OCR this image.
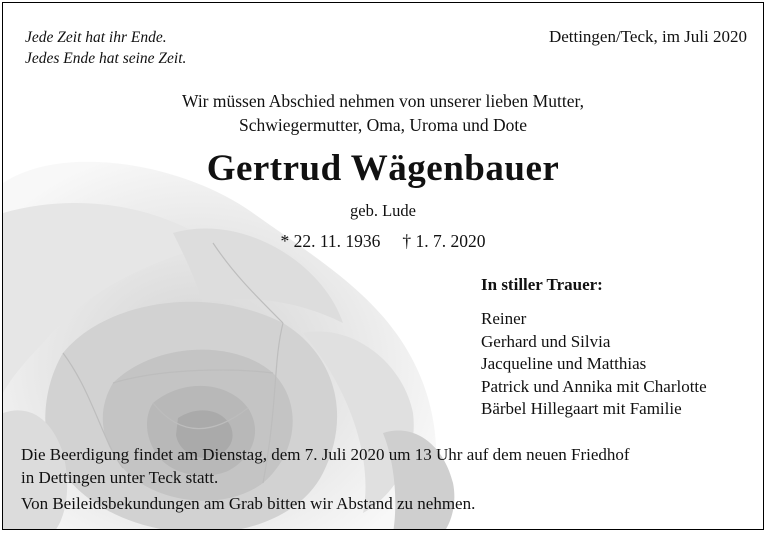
Jede Zeit hat ihr Ende.
Jedes Ende hat seine Zeit.
Dettingen/Teck, im Juli 2020
Wir müssen Abschied nehmen von unserer lieben Mutter,
Schwiegermutter, Oma, Uroma und Dote
Gertrud Wägenbauer
geb. Lude
* 22. 11. 1936 † 1. 7. 2020
In stiller Trauer:
Reiner
Gerhard und Silvia
Jacqueline und Matthias
Patrick und Annika mit Charlotte
Bärbel Hillegaart mit Familie
Die Beerdigung findet am Dienstag, dem 7. Juli 2020 um 13 Uhr auf dem neuen Friedhof
in Dettingen unter Teck statt.
Von Beileidsbekundungen am Grab bitten wir Abstand zu nehmen.
